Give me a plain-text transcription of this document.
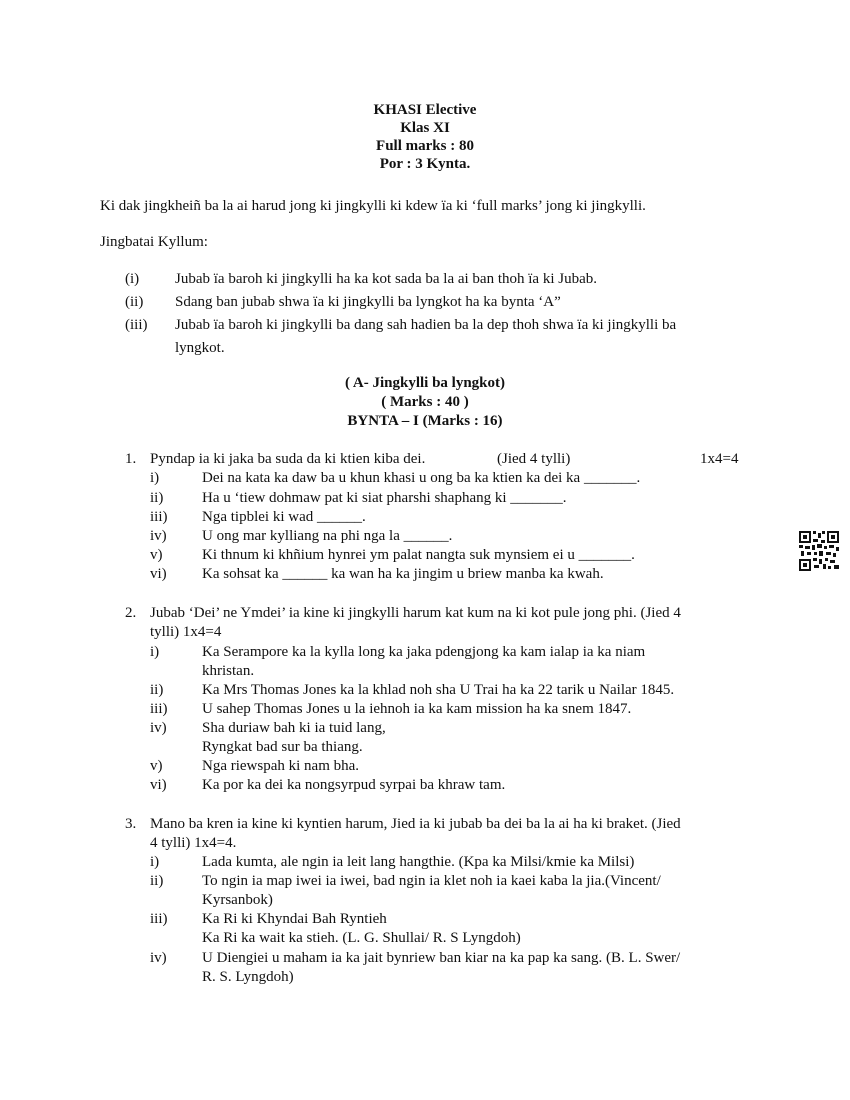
KHASI Elective
Klas XI
Full marks : 80
Por : 3 Kynta.
Ki dak jingkheiñ ba la ai harud jong ki jingkylli ki kdew ïa ki ‘full marks’ jong ki jingkylli.
Jingbatai Kyllum:
(i)	Jubab ïa baroh ki jingkylli ha ka kot sada ba la ai ban thoh ïa ki Jubab.
(ii)	Sdang ban jubab shwa ïa ki jingkylli ba lyngkot ha ka bynta ‘A”
(iii)	Jubab ïa baroh ki jingkylli ba dang sah hadien ba la dep thoh shwa ïa ki jingkylli ba
lyngkot.
( A- Jingkylli ba lyngkot)
( Marks : 40 )
BYNTA – I (Marks : 16)
1. Pyndap ia ki jaka ba suda da ki ktien kiba dei.	(Jied 4 tylli)	1x4=4
i)	Dei na kata ka daw ba u khun khasi u ong ba ka ktien ka dei ka _______.
ii)	Ha u ‘tiew dohmaw pat ki siat pharshi shaphang ki _______.
iii) Nga tipblei ki wad ______.
iv) U ong mar kylliang na phi nga la ______.
v)	Ki thnum ki khñium hynrei ym palat nangta suk mynsiem ei u _______.
vi) Ka sohsat ka ______ ka wan ha ka jingim u briew manba ka kwah.
2. Jubab ‘Dei’ ne Ymdei’ ia kine ki jingkylli harum kat kum na ki kot pule jong phi. (Jied 4
tylli) 1x4=4
i)	Ka Serampore ka la kylla long ka jaka pdengjong ka kam ialap ia ka niam
khristan.
ii)	Ka Mrs Thomas Jones ka la khlad noh sha U Trai ha ka 22 tarik u Nailar 1845.
iii) U sahep Thomas Jones u la iehnoh ia ka kam mission ha ka snem 1847.
iv) Sha duriaw bah ki ia tuid lang,
Ryngkat bad sur ba thiang.
v)	Nga riewspah ki nam bha.
vi) Ka por ka dei ka nongsyrpud syrpai ba khraw tam.
3. Mano ba kren ia kine ki kyntien harum, Jied ia ki jubab ba dei ba la ai ha ki braket. (Jied
4 tylli) 1x4=4.
i)	Lada kumta, ale ngin ia leit lang hangthie. (Kpa ka Milsi/kmie ka Milsi)
ii)	To ngin ia map iwei ia iwei, bad ngin ia klet noh ia kaei kaba la jia.(Vincent/
Kyrsanbok)
iii) Ka Ri ki Khyndai Bah Ryntieh
Ka Ri ka wait ka stieh. (L. G. Shullai/ R. S Lyngdoh)
iv) U Diengiei u maham ia ka jait bynriew ban kiar na ka pap ka sang. (B. L. Swer/
R. S. Lyngdoh)
